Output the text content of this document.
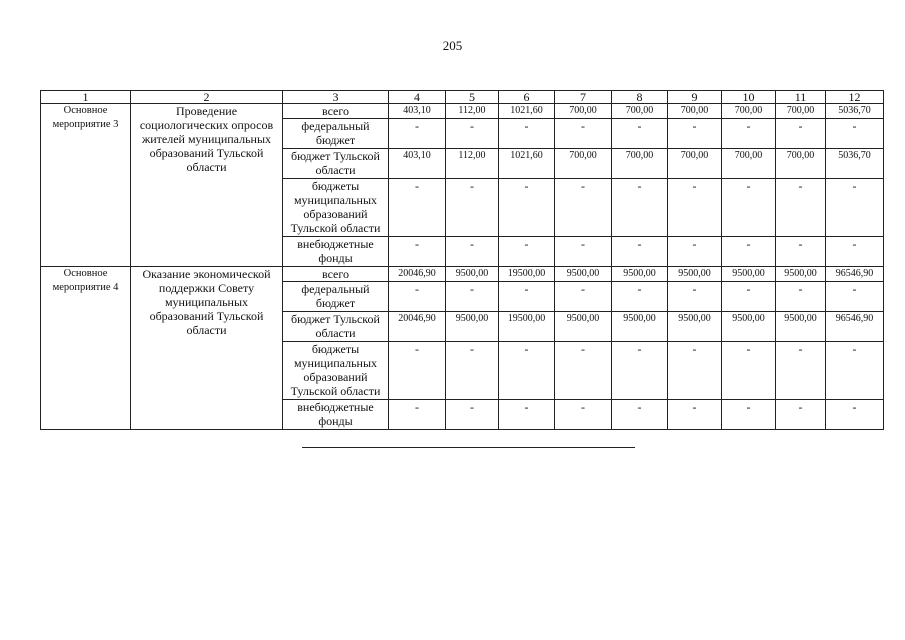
205
1	2	3	4	5	6	7	8	9	10	11	12
Основное мероприятие 3	Проведение социологических опросов жителей муниципальных образований Тульской области	всего	403,10	112,00	1021,60	700,00	700,00	700,00	700,00	700,00	5036,70
		федеральный бюджет	-	-	-	-	-	-	-	-	-
		бюджет Тульской области	403,10	112,00	1021,60	700,00	700,00	700,00	700,00	700,00	5036,70
		бюджеты муниципальных образований Тульской области	-	-	-	-	-	-	-	-	-
		внебюджетные фонды	-	-	-	-	-	-	-	-	-
Основное мероприятие 4	Оказание экономической поддержки Совету муниципальных образований Тульской области	всего	20046,90	9500,00	19500,00	9500,00	9500,00	9500,00	9500,00	9500,00	96546,90
		федеральный бюджет	-	-	-	-	-	-	-	-	-
		бюджет Тульской области	20046,90	9500,00	19500,00	9500,00	9500,00	9500,00	9500,00	9500,00	96546,90
		бюджеты муниципальных образований Тульской области	-	-	-	-	-	-	-	-	-
		внебюджетные фонды	-	-	-	-	-	-	-	-	-
